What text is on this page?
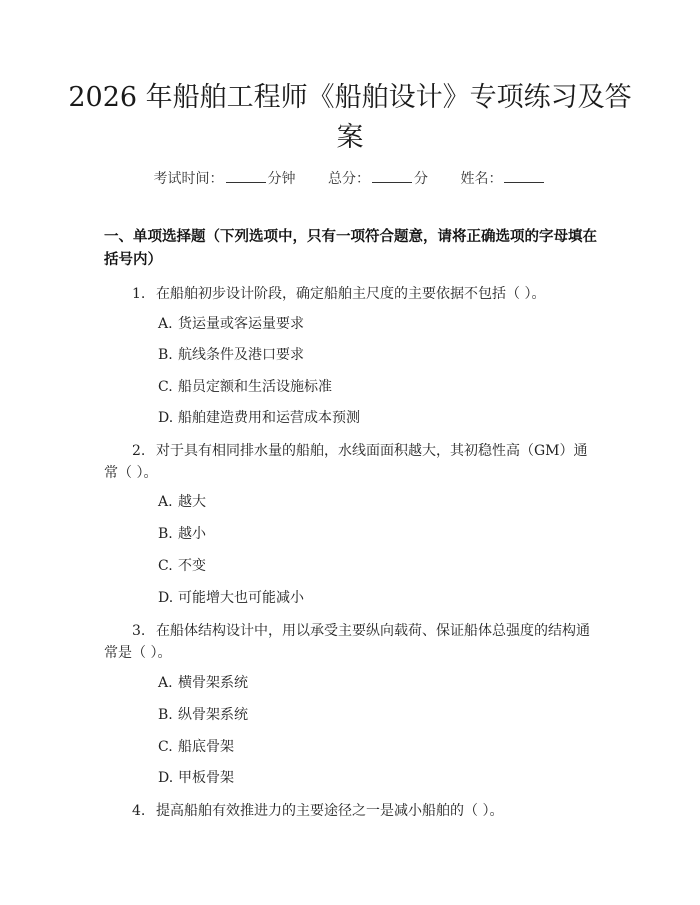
2026 年船舶工程师《船舶设计》专项练习及答案
考试时间：	分钟 总分：	分 姓名：
一、单项选择题（下列选项中，只有一项符合题意，请将正确选项的字母填在括号内）
1. 在船舶初步设计阶段，确定船舶主尺度的主要依据不包括（ ）。
A. 货运量或客运量要求
B. 航线条件及港口要求
C. 船员定额和生活设施标准
D. 船舶建造费用和运营成本预测
2. 对于具有相同排水量的船舶，水线面面积越大，其初稳性高（GM）通常（ ）。
A. 越大
B. 越小
C. 不变
D. 可能增大也可能减小
3. 在船体结构设计中，用以承受主要纵向载荷、保证船体总强度的结构通常是（ ）。
A. 横骨架系统
B. 纵骨架系统
C. 船底骨架
D. 甲板骨架
4. 提高船舶有效推进力的主要途径之一是减小船舶的（ ）。
